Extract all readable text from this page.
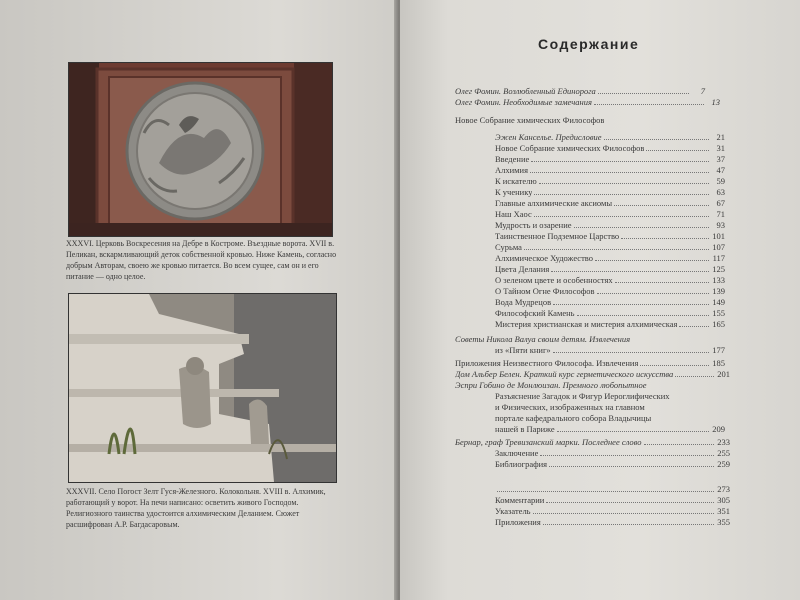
XXXVI. Церковь Воскресения на Дебре в Костроме. Въездные ворота. XVII в. Пеликан, вскармливающий деток собственной кровью. Ниже Камень, согласно добрым Авторам, своею же кровью питается. Во всем сущее, сам он и его питание — одно целое.
XXXVII. Село Погост Зелт Гуся-Железного. Колокольня. XVIII в. Алхимик, работающий у ворот. На печи написано: осветить живого Господом. Религиозного таинства удостоится алхимическим Деланием. Сюжет расшифрован А.Р. Багдасаровым.
Содержание
Олег Фомин. Возлюбленный Единорога	7
Олег Фомин. Необходимые замечания	13
Новое Собрание химических Философов
Эжен Канселье. Предисловие	21
Новое Собрание химических Философов	31
Введение	37
Алхимия	47
К искателю	59
К ученику	63
Главные алхимические аксиомы	67
Наш Хаос	71
Мудрость и озарение	93
Таинственное Подземное Царство	101
Сурьма	107
Алхимическое Художество	117
Цвета Делания	125
О зеленом цвете и особенностях	133
О Тайном Огне Философов	139
Вода Мудрецов	149
Философский Камень	155
Мистерия христианская и мистерия алхимическая	165
Советы Никола Валуа своим детям. Извлечения
из «Пяти книг»	177
Приложения Неизвестного Философа. Извлечения	185
Дом Альбер Белен. Краткий курс герметического искусства	201
Эспри Гобино де Монлюизан. Премного любопытное
Разъяснение Загадок и Фигур Иероглифических
и Физических, изображенных на главном
портале кафедрального собора Владычицы
нашей в Париже	209
Бернар, граф Тревизанский марки. Последнее слово	233
Заключение	255
Библиография	259
273
Комментарии	305
Указатель	351
Приложения	355
